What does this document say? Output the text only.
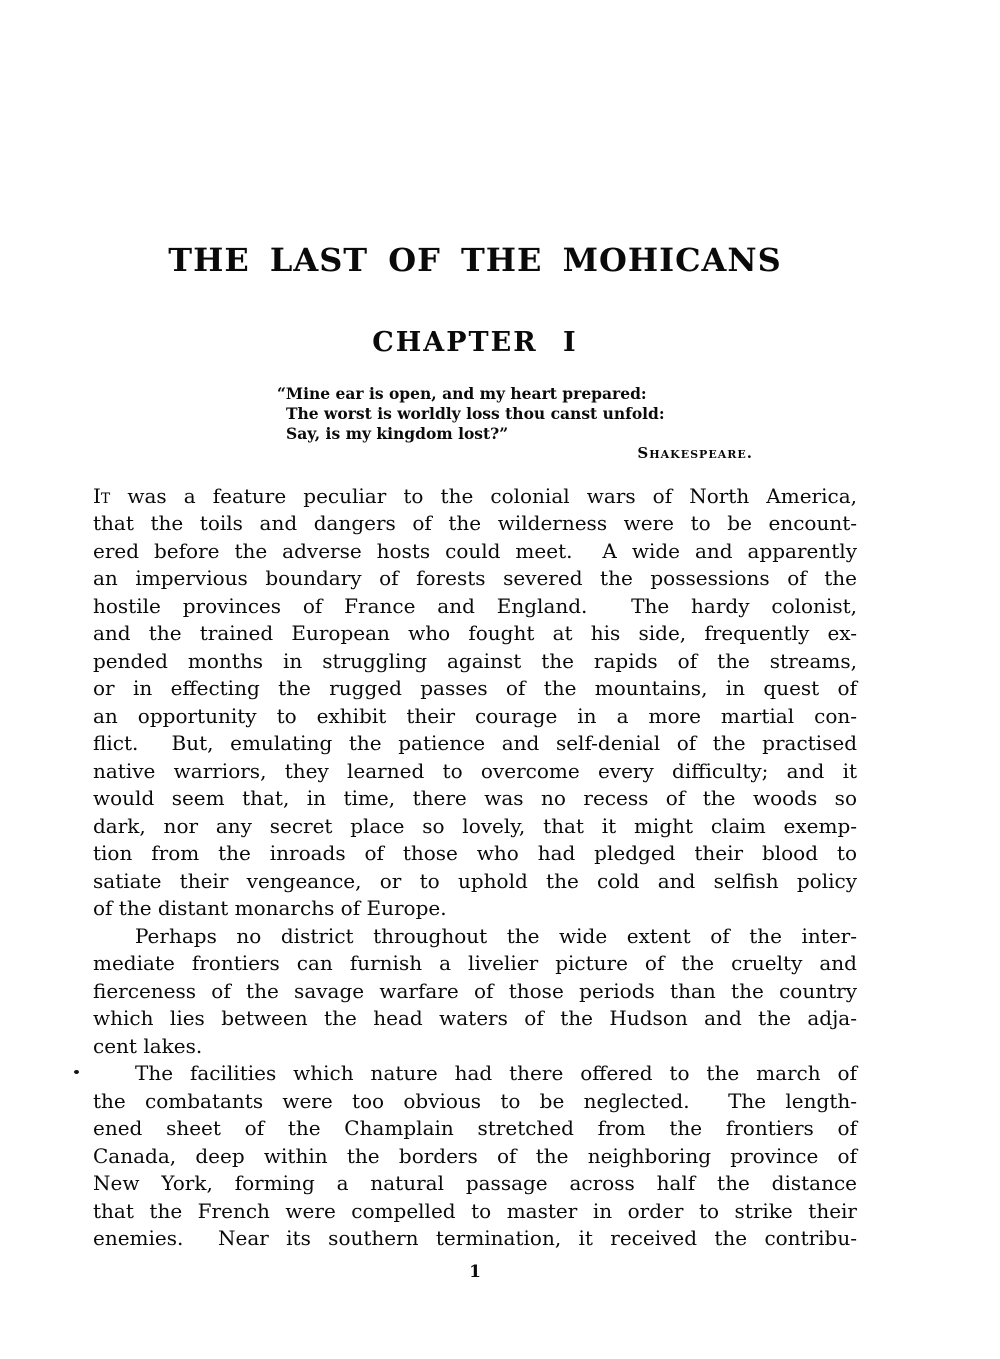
THE LAST OF THE MOHICANS
CHAPTER I
“Mine ear is open, and my heart prepared:
The worst is worldly loss thou canst unfold:
Say, is my kingdom lost?”
Shakespeare.
It was a feature peculiar to the colonial wars of North America,
that the toils and dangers of the wilderness were to be encount-
ered before the adverse hosts could meet.  A wide and apparently
an impervious boundary of forests severed the possessions of the
hostile provinces of France and England.  The hardy colonist,
and the trained European who fought at his side, frequently ex-
pended months in struggling against the rapids of the streams,
or in effecting the rugged passes of the mountains, in quest of
an opportunity to exhibit their courage in a more martial con-
flict.  But, emulating the patience and self-denial of the practised
native warriors, they learned to overcome every difficulty; and it
would seem that, in time, there was no recess of the woods so
dark, nor any secret place so lovely, that it might claim exemp-
tion from the inroads of those who had pledged their blood to
satiate their vengeance, or to uphold the cold and selfish policy
of the distant monarchs of Europe.
Perhaps no district throughout the wide extent of the inter-
mediate frontiers can furnish a livelier picture of the cruelty and
fierceness of the savage warfare of those periods than the country
which lies between the head waters of the Hudson and the adja-
cent lakes.
The facilities which nature had there offered to the march of
the combatants were too obvious to be neglected.  The length-
ened sheet of the Champlain stretched from the frontiers of
Canada, deep within the borders of the neighboring province of
New York, forming a natural passage across half the distance
that the French were compelled to master in order to strike their
enemies.  Near its southern termination, it received the contribu-
1
